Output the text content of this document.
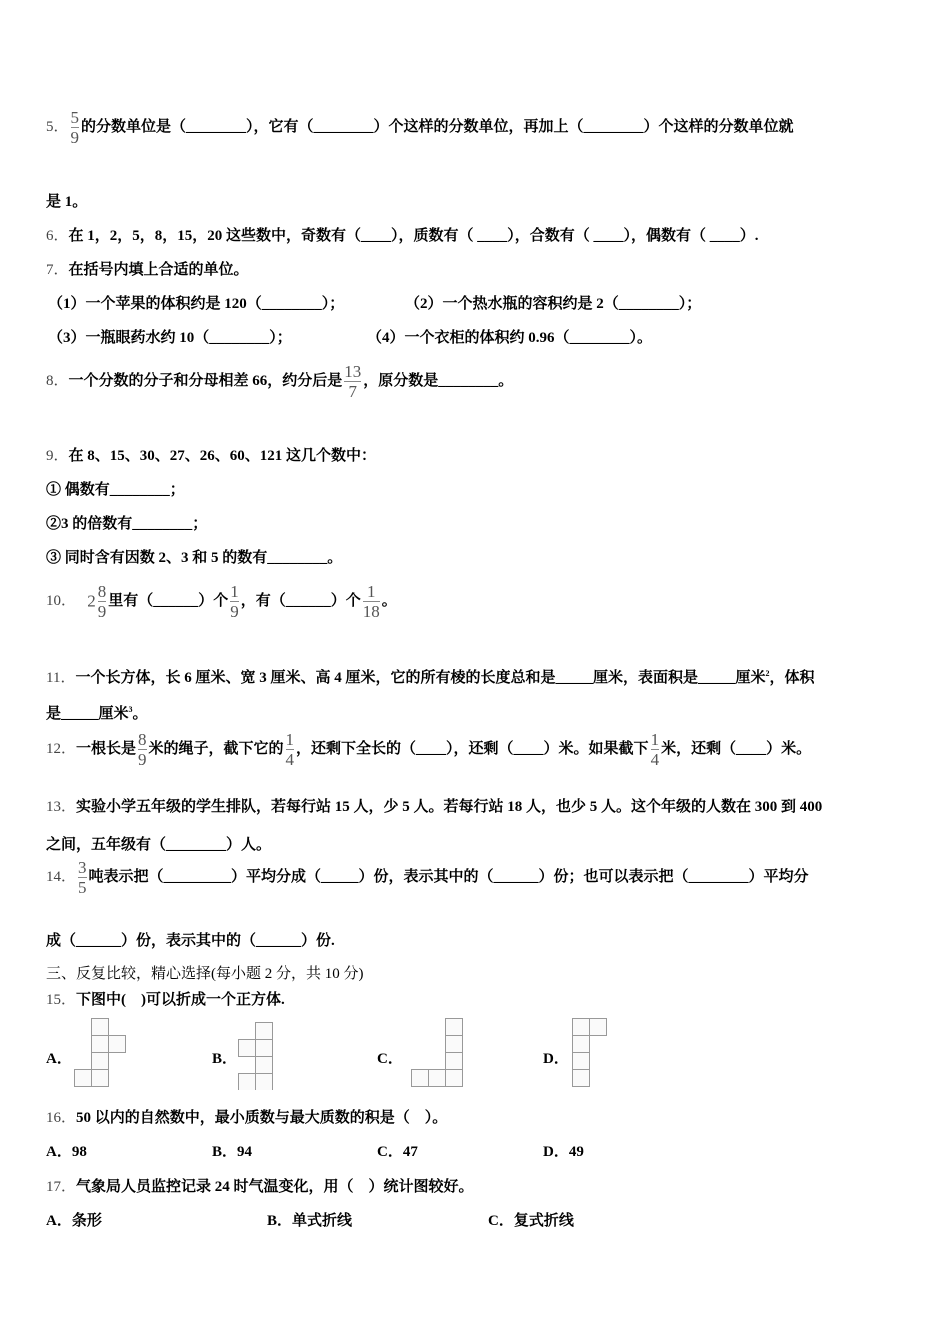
5． $\frac{5}{9}$ 的分数单位是（________），它有（________）个这样的分数单位，再加上（________）个这样的分数单位就
是 1。
6．在 1，2，5，8，15，20 这些数中，奇数有（____），质数有（ ____），合数有（ ____），偶数有（ ____）.
7．在括号内填上合适的单位。
（1）一个苹果的体积约是 120（________）；	（2）一个热水瓶的容积约是 2（________）；
（3）一瓶眼药水约 10（________）；	（4）一个衣柜的体积约 0.96（________）。
8．一个分数的分子和分母相差 66，约分后是 $\frac{13}{7}$ ，原分数是________。
9．在 8、15、30、27、26、60、121 这几个数中：
① 偶数有________；
②3 的倍数有________；
③ 同时含有因数 2、3 和 5 的数有________。
10． $2 \frac{8}{9}$ 里有（______）个 $\frac{1}{9}$ ，有（______）个 $\frac{1}{18}$ 。
11．一个长方体，长 6 厘米、宽 3 厘米、高 4 厘米，它的所有棱的长度总和是_____厘米，表面积是_____厘米$^2$，体积
是_____厘米$^3$。
12．一根长是 $\frac{8}{9}$ 米的绳子，截下它的 $\frac{1}{4}$ ，还剩下全长的（____），还剩（____）米。如果截下 $\frac{1}{4}$ 米，还剩（____）米。
13．实验小学五年级的学生排队，若每行站 15 人，少 5 人。若每行站 18 人，也少 5 人。这个年级的人数在 300 到 400
之间，五年级有（________）人。
14． $\frac{3}{5}$ 吨表示把（_________）平均分成（_____）份，表示其中的（______）份；也可以表示把（________）平均分
成（______）份，表示其中的（______）份.
三、反复比较，精心选择(每小题 2 分，共 10 分)
15．下图中(　)可以折成一个正方体.
A．	B．	C．	D．
16．50 以内的自然数中，最小质数与最大质数的积是（　）。
A．98	B．94	C．47	D．49
17．气象局人员监控记录 24 时气温变化，用（　）统计图较好。
A．条形	B．单式折线	C．复式折线
